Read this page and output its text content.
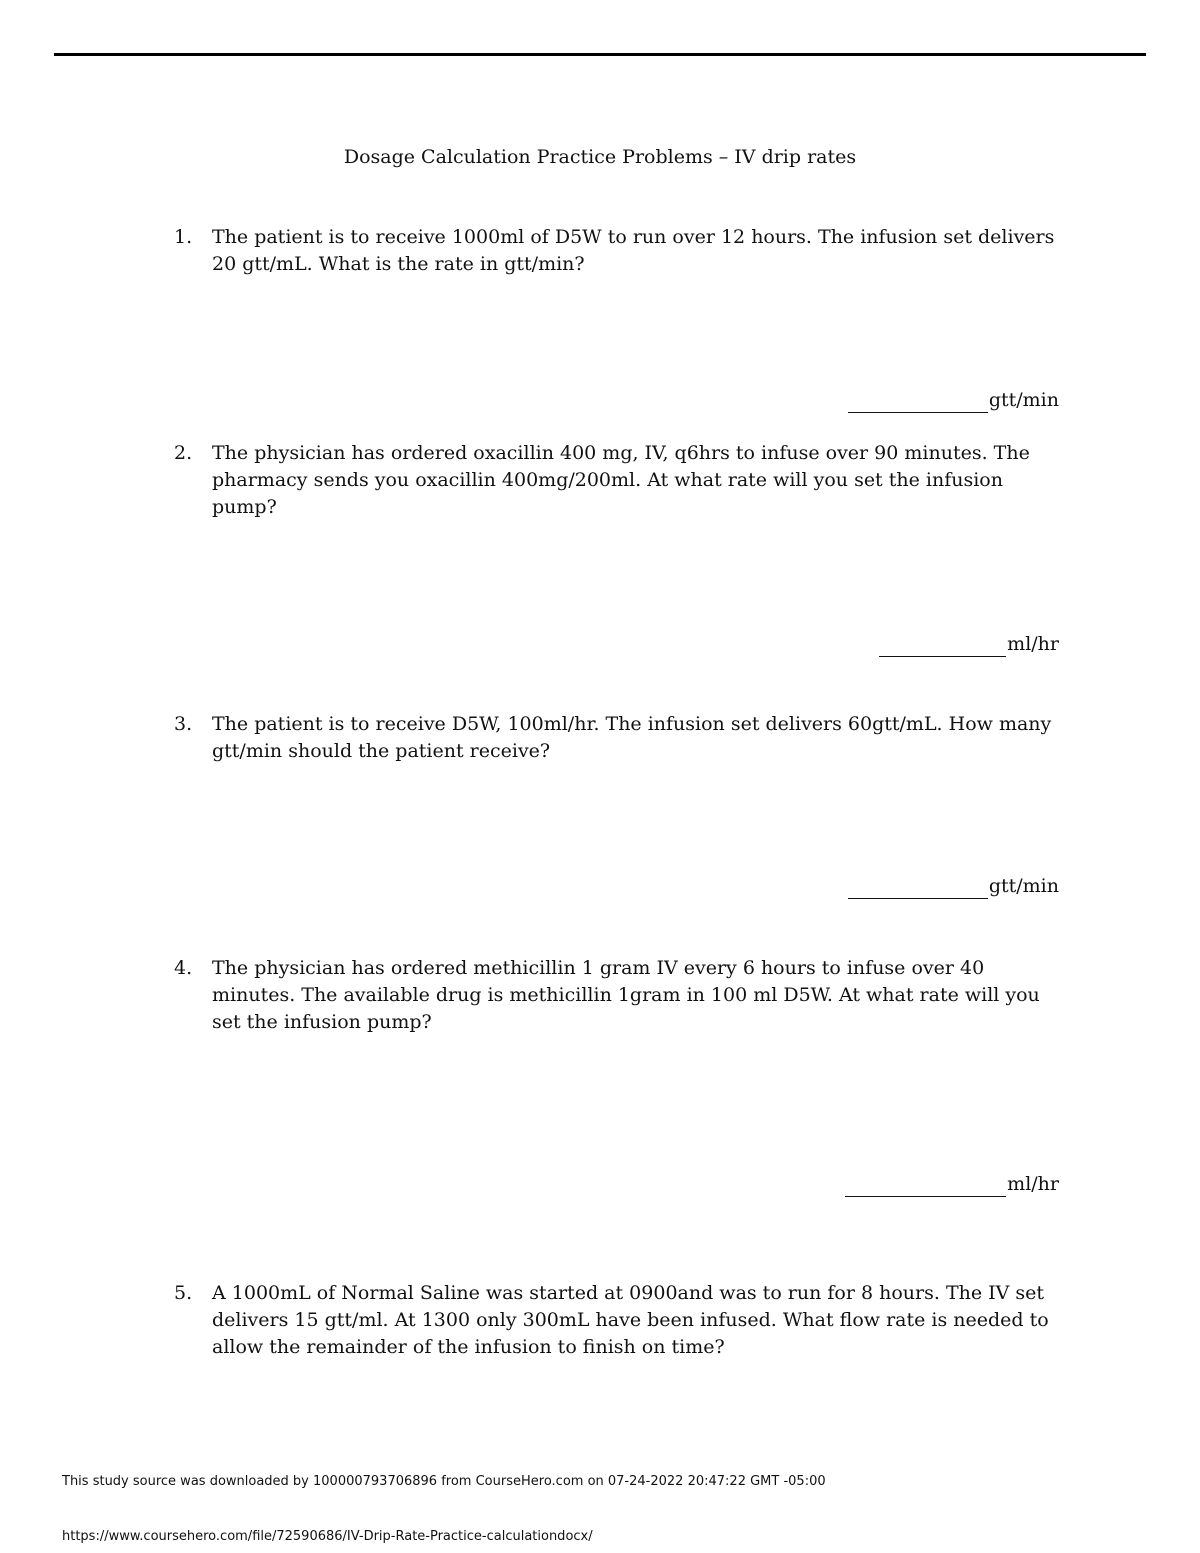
Dosage Calculation Practice Problems – IV drip rates
1.	The patient is to receive 1000ml of D5W to run over 12 hours. The infusion set delivers 20 gtt/mL. What is the rate in gtt/min?
gtt/min
2.	The physician has ordered oxacillin 400 mg, IV, q6hrs to infuse over 90 minutes. The pharmacy sends you oxacillin 400mg/200ml. At what rate will you set the infusion pump?
ml/hr
3.	The patient is to receive D5W, 100ml/hr. The infusion set delivers 60gtt/mL. How many gtt/min should the patient receive?
gtt/min
4.	The physician has ordered methicillin 1 gram IV every 6 hours to infuse over 40 minutes. The available drug is methicillin 1gram in 100 ml D5W. At what rate will you set the infusion pump?
ml/hr
5.	A 1000mL of Normal Saline was started at 0900and was to run for 8 hours. The IV set delivers 15 gtt/ml. At 1300 only 300mL have been infused. What flow rate is needed to allow the remainder of the infusion to finish on time?
This study source was downloaded by 100000793706896 from CourseHero.com on 07-24-2022 20:47:22 GMT -05:00
https://www.coursehero.com/file/72590686/IV-Drip-Rate-Practice-calculationdocx/
